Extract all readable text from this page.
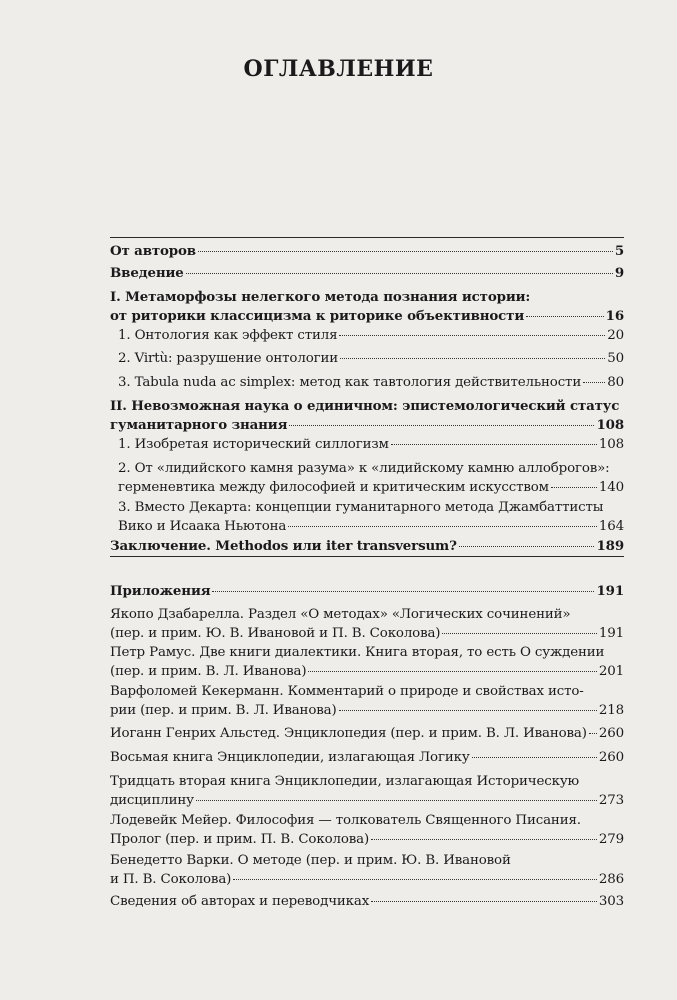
ОГЛАВЛЕНИЕ
От авторов	5
Введение	9
I. Метаморфозы нелегкого метода познания истории:
от риторики классицизма к риторике объективности	16
1. Онтология как эффект стиля	20
2. Virtù: разрушение онтологии	50
3. Tabula nuda ac simplex: метод как тавтология действительности 80
II. Невозможная наука о единичном: эпистемологический статус
гуманитарного знания	108
1. Изобретая исторический силлогизм	108
2. От «лидийского камня разума» к «лидийскому камню аллоброгов»:
герменевтика между философией и критическим искусством	140
3. Вместо Декарта: концепции гуманитарного метода Джамбаттисты
Вико и Исаака Ньютона	164
Заключение. Methodos или iter transversum?	189
Приложения	191
Якопо Дзабарелла. Раздел «О методах» «Логических сочинений»
(пер. и прим. Ю. В. Ивановой и П. В. Соколова)	191
Петр Рамус. Две книги диалектики. Книга вторая, то есть О суждении
(пер. и прим. В. Л. Иванова)	201
Варфоломей Кекерманн. Комментарий о природе и свойствах исто-
рии (пер. и прим. В. Л. Иванова)	218
Иоганн Генрих Альстед. Энциклопедия (пер. и прим. В. Л. Иванова) 260
Восьмая книга Энциклопедии, излагающая Логику	260
Тридцать вторая книга Энциклопедии, излагающая Историческую
дисциплину	273
Лодевейк Мейер. Философия — толкователь Священного Писания.
Пролог (пер. и прим. П. В. Соколова)	279
Бенедетто Варки. О методе (пер. и прим. Ю. В. Ивановой
и П. В. Соколова)	286
Сведения об авторах и переводчиках	303
